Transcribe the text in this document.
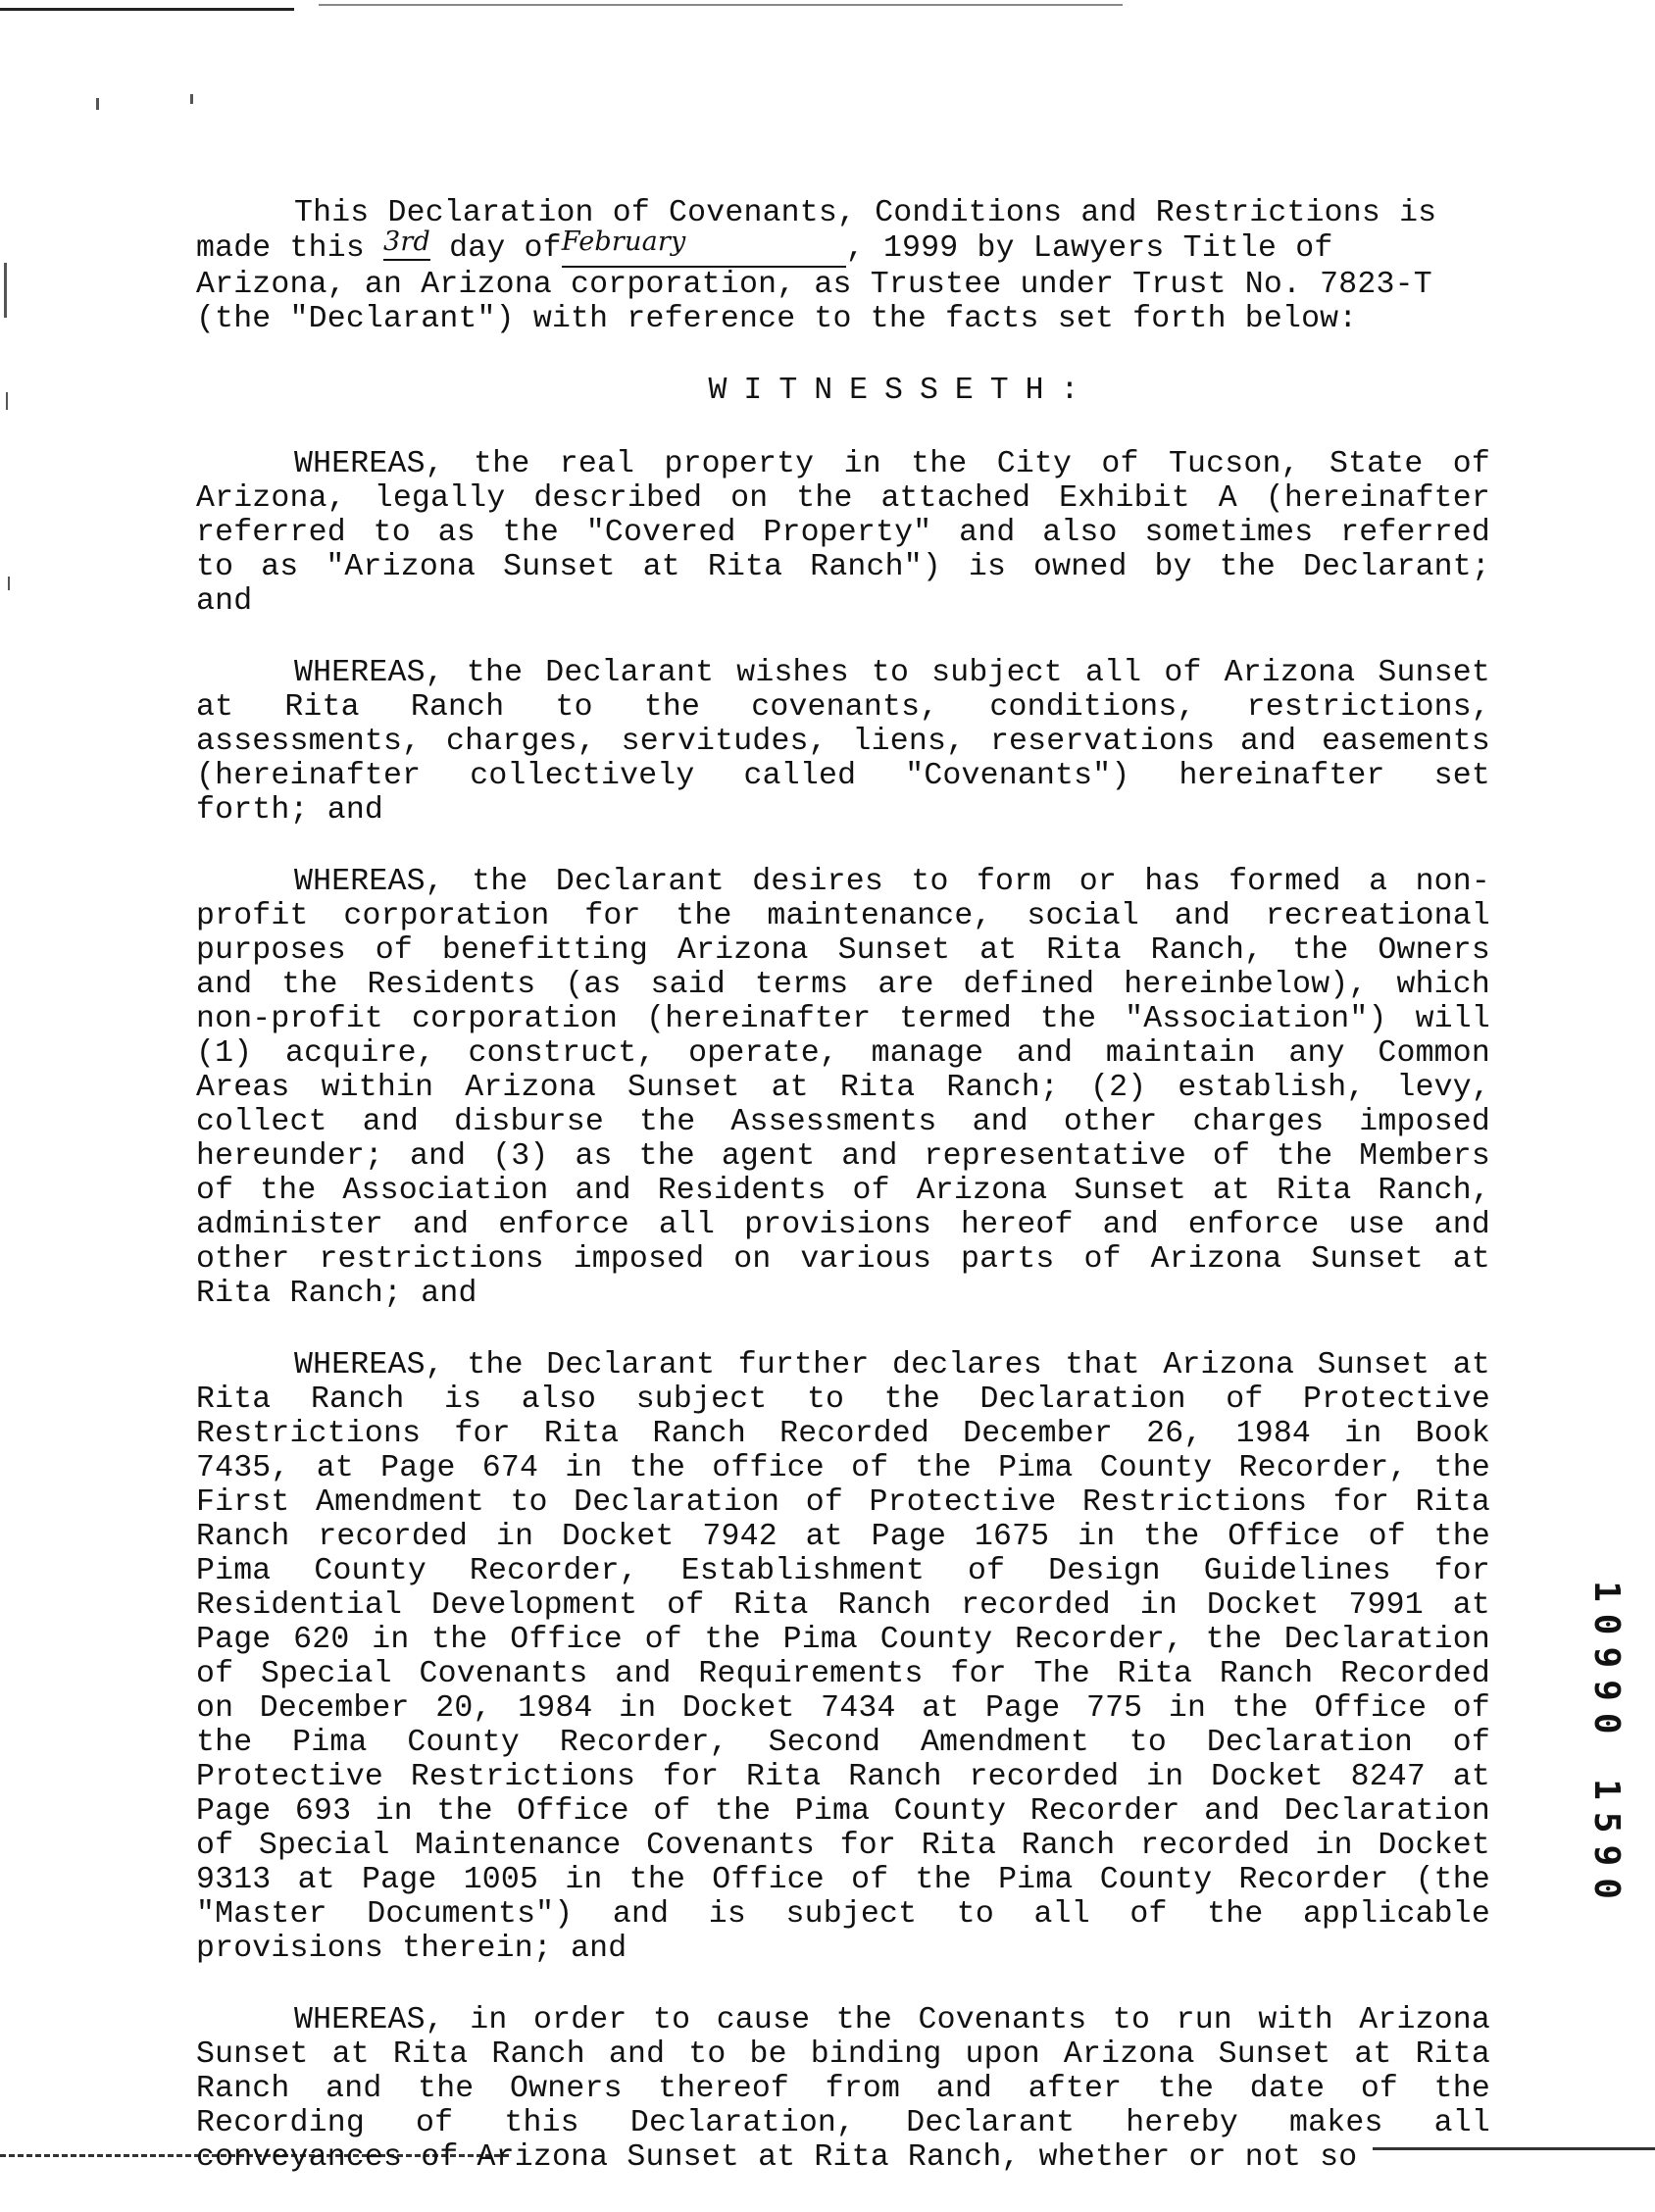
This Declaration of Covenants, Conditions and Restrictions is
made this 3rd day ofFebruary	, 1999 by Lawyers Title of
Arizona, an Arizona corporation, as Trustee under Trust No. 7823-T
(the "Declarant") with reference to the facts set forth below:
WITNESSETH:
WHEREAS, the real property in the City of Tucson, State of
Arizona, legally described on the attached Exhibit A (hereinafter
referred to as the "Covered Property" and also sometimes referred
to as "Arizona Sunset at Rita Ranch") is owned by the Declarant;
and
WHEREAS, the Declarant wishes to subject all of Arizona Sunset
at Rita Ranch to the covenants, conditions, restrictions,
assessments, charges, servitudes, liens, reservations and easements
(hereinafter collectively called "Covenants") hereinafter set
forth; and
WHEREAS, the Declarant desires to form or has formed a non-
profit corporation for the maintenance, social and recreational
purposes of benefitting Arizona Sunset at Rita Ranch, the Owners
and the Residents (as said terms are defined hereinbelow), which
non-profit corporation (hereinafter termed the "Association") will
(1) acquire, construct, operate, manage and maintain any Common
Areas within Arizona Sunset at Rita Ranch; (2) establish, levy,
collect and disburse the Assessments and other charges imposed
hereunder; and (3) as the agent and representative of the Members
of the Association and Residents of Arizona Sunset at Rita Ranch,
administer and enforce all provisions hereof and enforce use and
other restrictions imposed on various parts of Arizona Sunset at
Rita Ranch; and
WHEREAS, the Declarant further declares that Arizona Sunset at
Rita Ranch is also subject to the Declaration of Protective
Restrictions for Rita Ranch Recorded December 26, 1984 in Book
7435, at Page 674 in the office of the Pima County Recorder, the
First Amendment to Declaration of Protective Restrictions for Rita
Ranch recorded in Docket 7942 at Page 1675 in the Office of the
Pima County Recorder, Establishment of Design Guidelines for
Residential Development of Rita Ranch recorded in Docket 7991 at
Page 620 in the Office of the Pima County Recorder, the Declaration
of Special Covenants and Requirements for The Rita Ranch Recorded
on December 20, 1984 in Docket 7434 at Page 775 in the Office of
the Pima County Recorder, Second Amendment to Declaration of
Protective Restrictions for Rita Ranch recorded in Docket 8247 at
Page 693 in the Office of the Pima County Recorder and Declaration
of Special Maintenance Covenants for Rita Ranch recorded in Docket
9313 at Page 1005 in the Office of the Pima County Recorder (the
"Master Documents") and is subject to all of the applicable
provisions therein; and
WHEREAS, in order to cause the Covenants to run with Arizona
Sunset at Rita Ranch and to be binding upon Arizona Sunset at Rita
Ranch and the Owners thereof from and after the date of the
Recording of this Declaration, Declarant hereby makes all
conveyances of Arizona Sunset at Rita Ranch, whether or not so
10990 1590
